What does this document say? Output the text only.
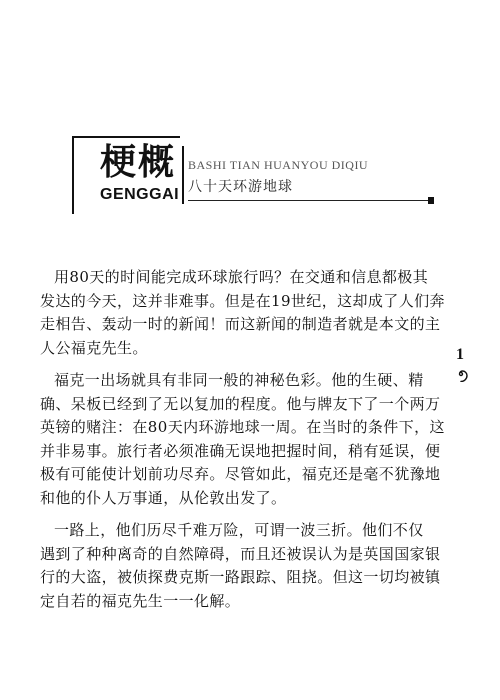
梗概
GENGGAI
BASHI TIAN HUANYOU DIQIU
八十天环游地球
用80天的时间能完成环球旅行吗？在交通和信息都极其
发达的今天，这并非难事。但是在19世纪，这却成了人们奔
走相告、轰动一时的新闻！而这新闻的制造者就是本文的主
人公福克先生。
福克一出场就具有非同一般的神秘色彩。他的生硬、精
确、呆板已经到了无以复加的程度。他与牌友下了一个两万
英镑的赌注：在80天内环游地球一周。在当时的条件下，这
并非易事。旅行者必须准确无误地把握时间，稍有延误，便
极有可能使计划前功尽弃。尽管如此，福克还是毫不犹豫地
和他的仆人万事通，从伦敦出发了。
一路上，他们历尽千难万险，可谓一波三折。他们不仅
遇到了种种离奇的自然障碍，而且还被误认为是英国国家银
行的大盗，被侦探费克斯一路跟踪、阻挠。但这一切均被镇
定自若的福克先生一一化解。
1
